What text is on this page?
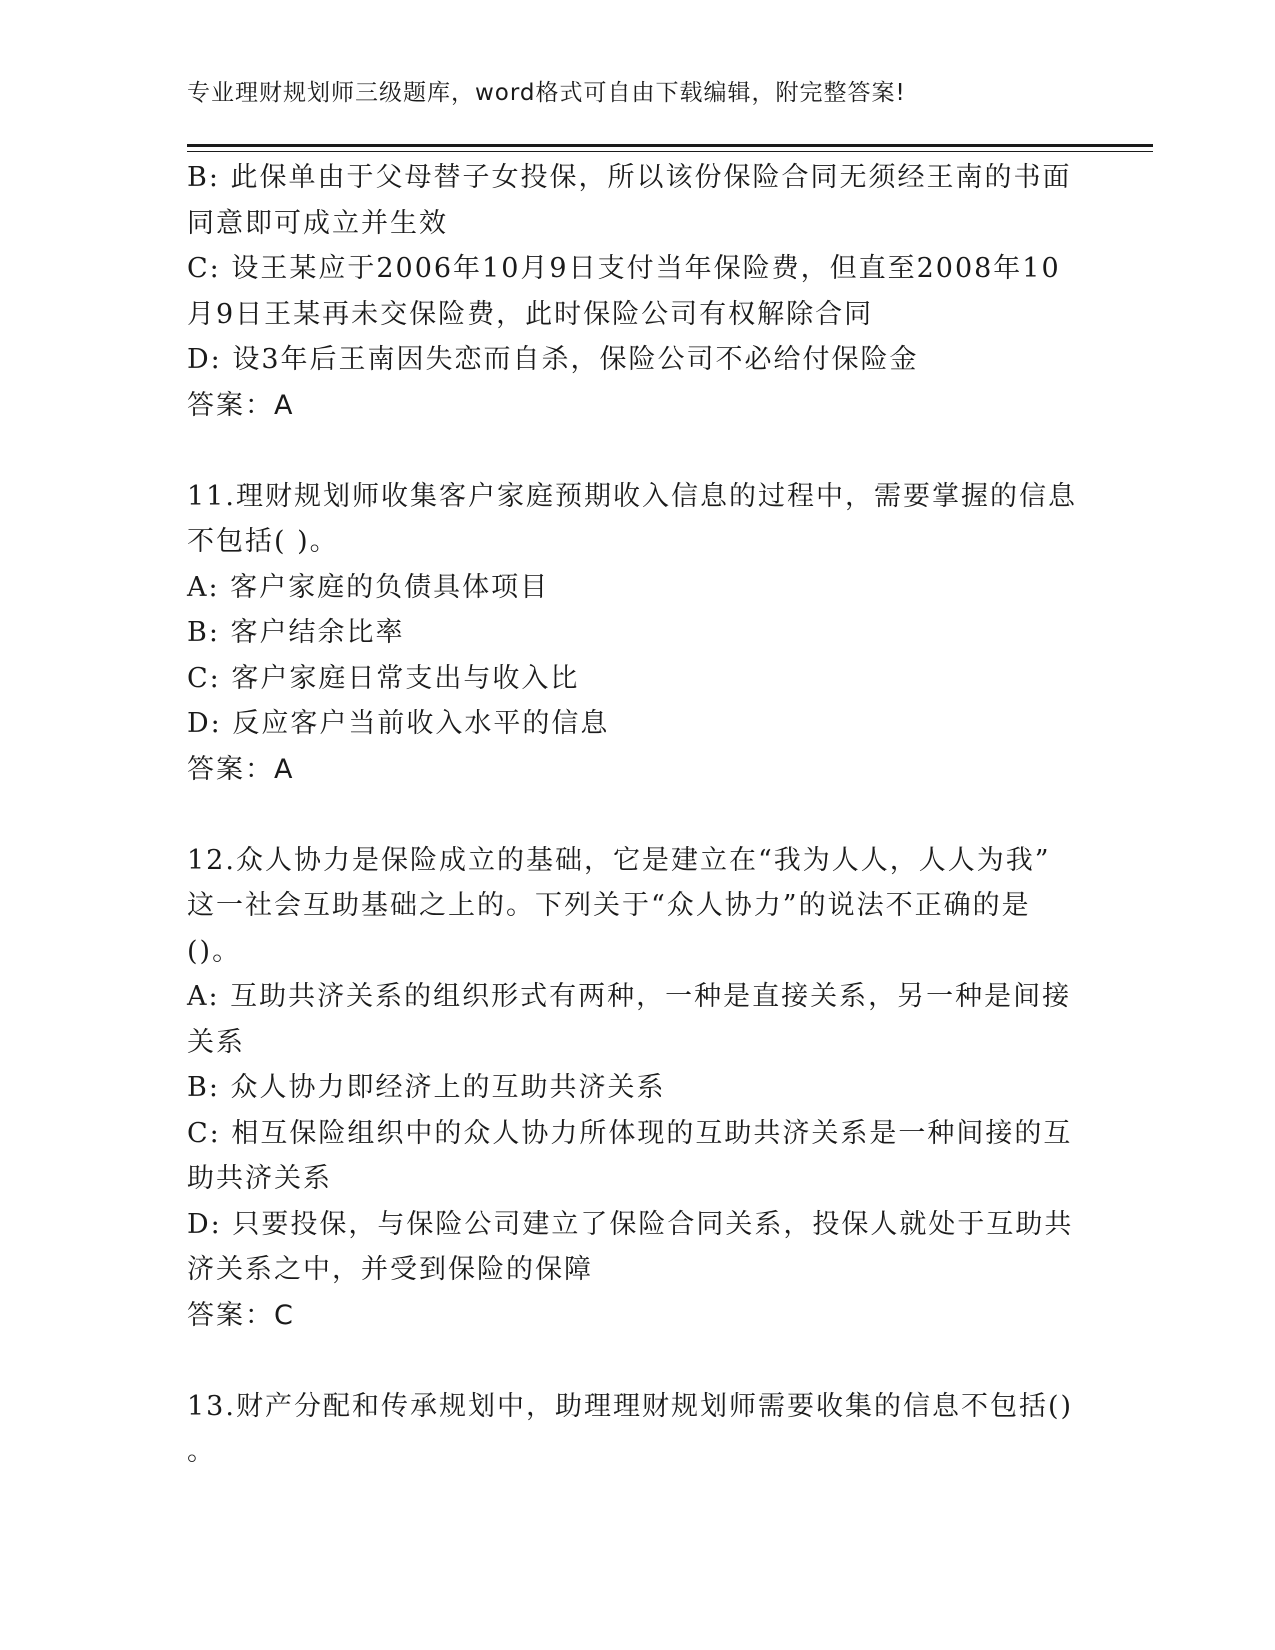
专业理财规划师三级题库，word格式可自由下载编辑，附完整答案!
B: 此保单由于父母替子女投保，所以该份保险合同无须经王南的书面
同意即可成立并生效
C: 设王某应于2006年10月9日支付当年保险费，但直至2008年10
月9日王某再未交保险费，此时保险公司有权解除合同
D: 设3年后王南因失恋而自杀，保险公司不必给付保险金
答案：A
11.理财规划师收集客户家庭预期收入信息的过程中，需要掌握的信息
不包括( )。
A: 客户家庭的负债具体项目
B: 客户结余比率
C: 客户家庭日常支出与收入比
D: 反应客户当前收入水平的信息
答案：A
12.众人协力是保险成立的基础，它是建立在“我为人人，人人为我”
这一社会互助基础之上的。下列关于“众人协力”的说法不正确的是
()。
A: 互助共济关系的组织形式有两种，一种是直接关系，另一种是间接
关系
B: 众人协力即经济上的互助共济关系
C: 相互保险组织中的众人协力所体现的互助共济关系是一种间接的互
助共济关系
D: 只要投保，与保险公司建立了保险合同关系，投保人就处于互助共
济关系之中，并受到保险的保障
答案：C
13.财产分配和传承规划中，助理理财规划师需要收集的信息不包括()
。
